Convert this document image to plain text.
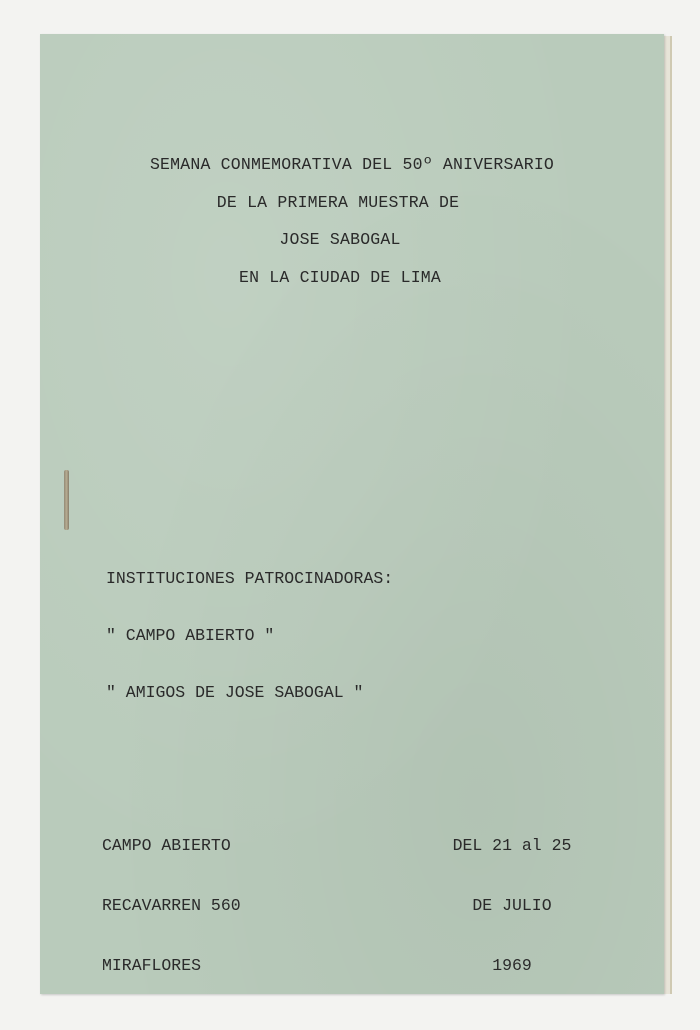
SEMANA CONMEMORATIVA DEL 50º ANIVERSARIO
DE LA PRIMERA MUESTRA DE
JOSE SABOGAL
EN LA CIUDAD DE LIMA

INSTITUCIONES PATROCINADORAS:

" CAMPO ABIERTO "

" AMIGOS DE JOSE SABOGAL "

CAMPO ABIERTO

RECAVARREN 560

MIRAFLORES

DEL 21 al 25

DE JULIO

1969
